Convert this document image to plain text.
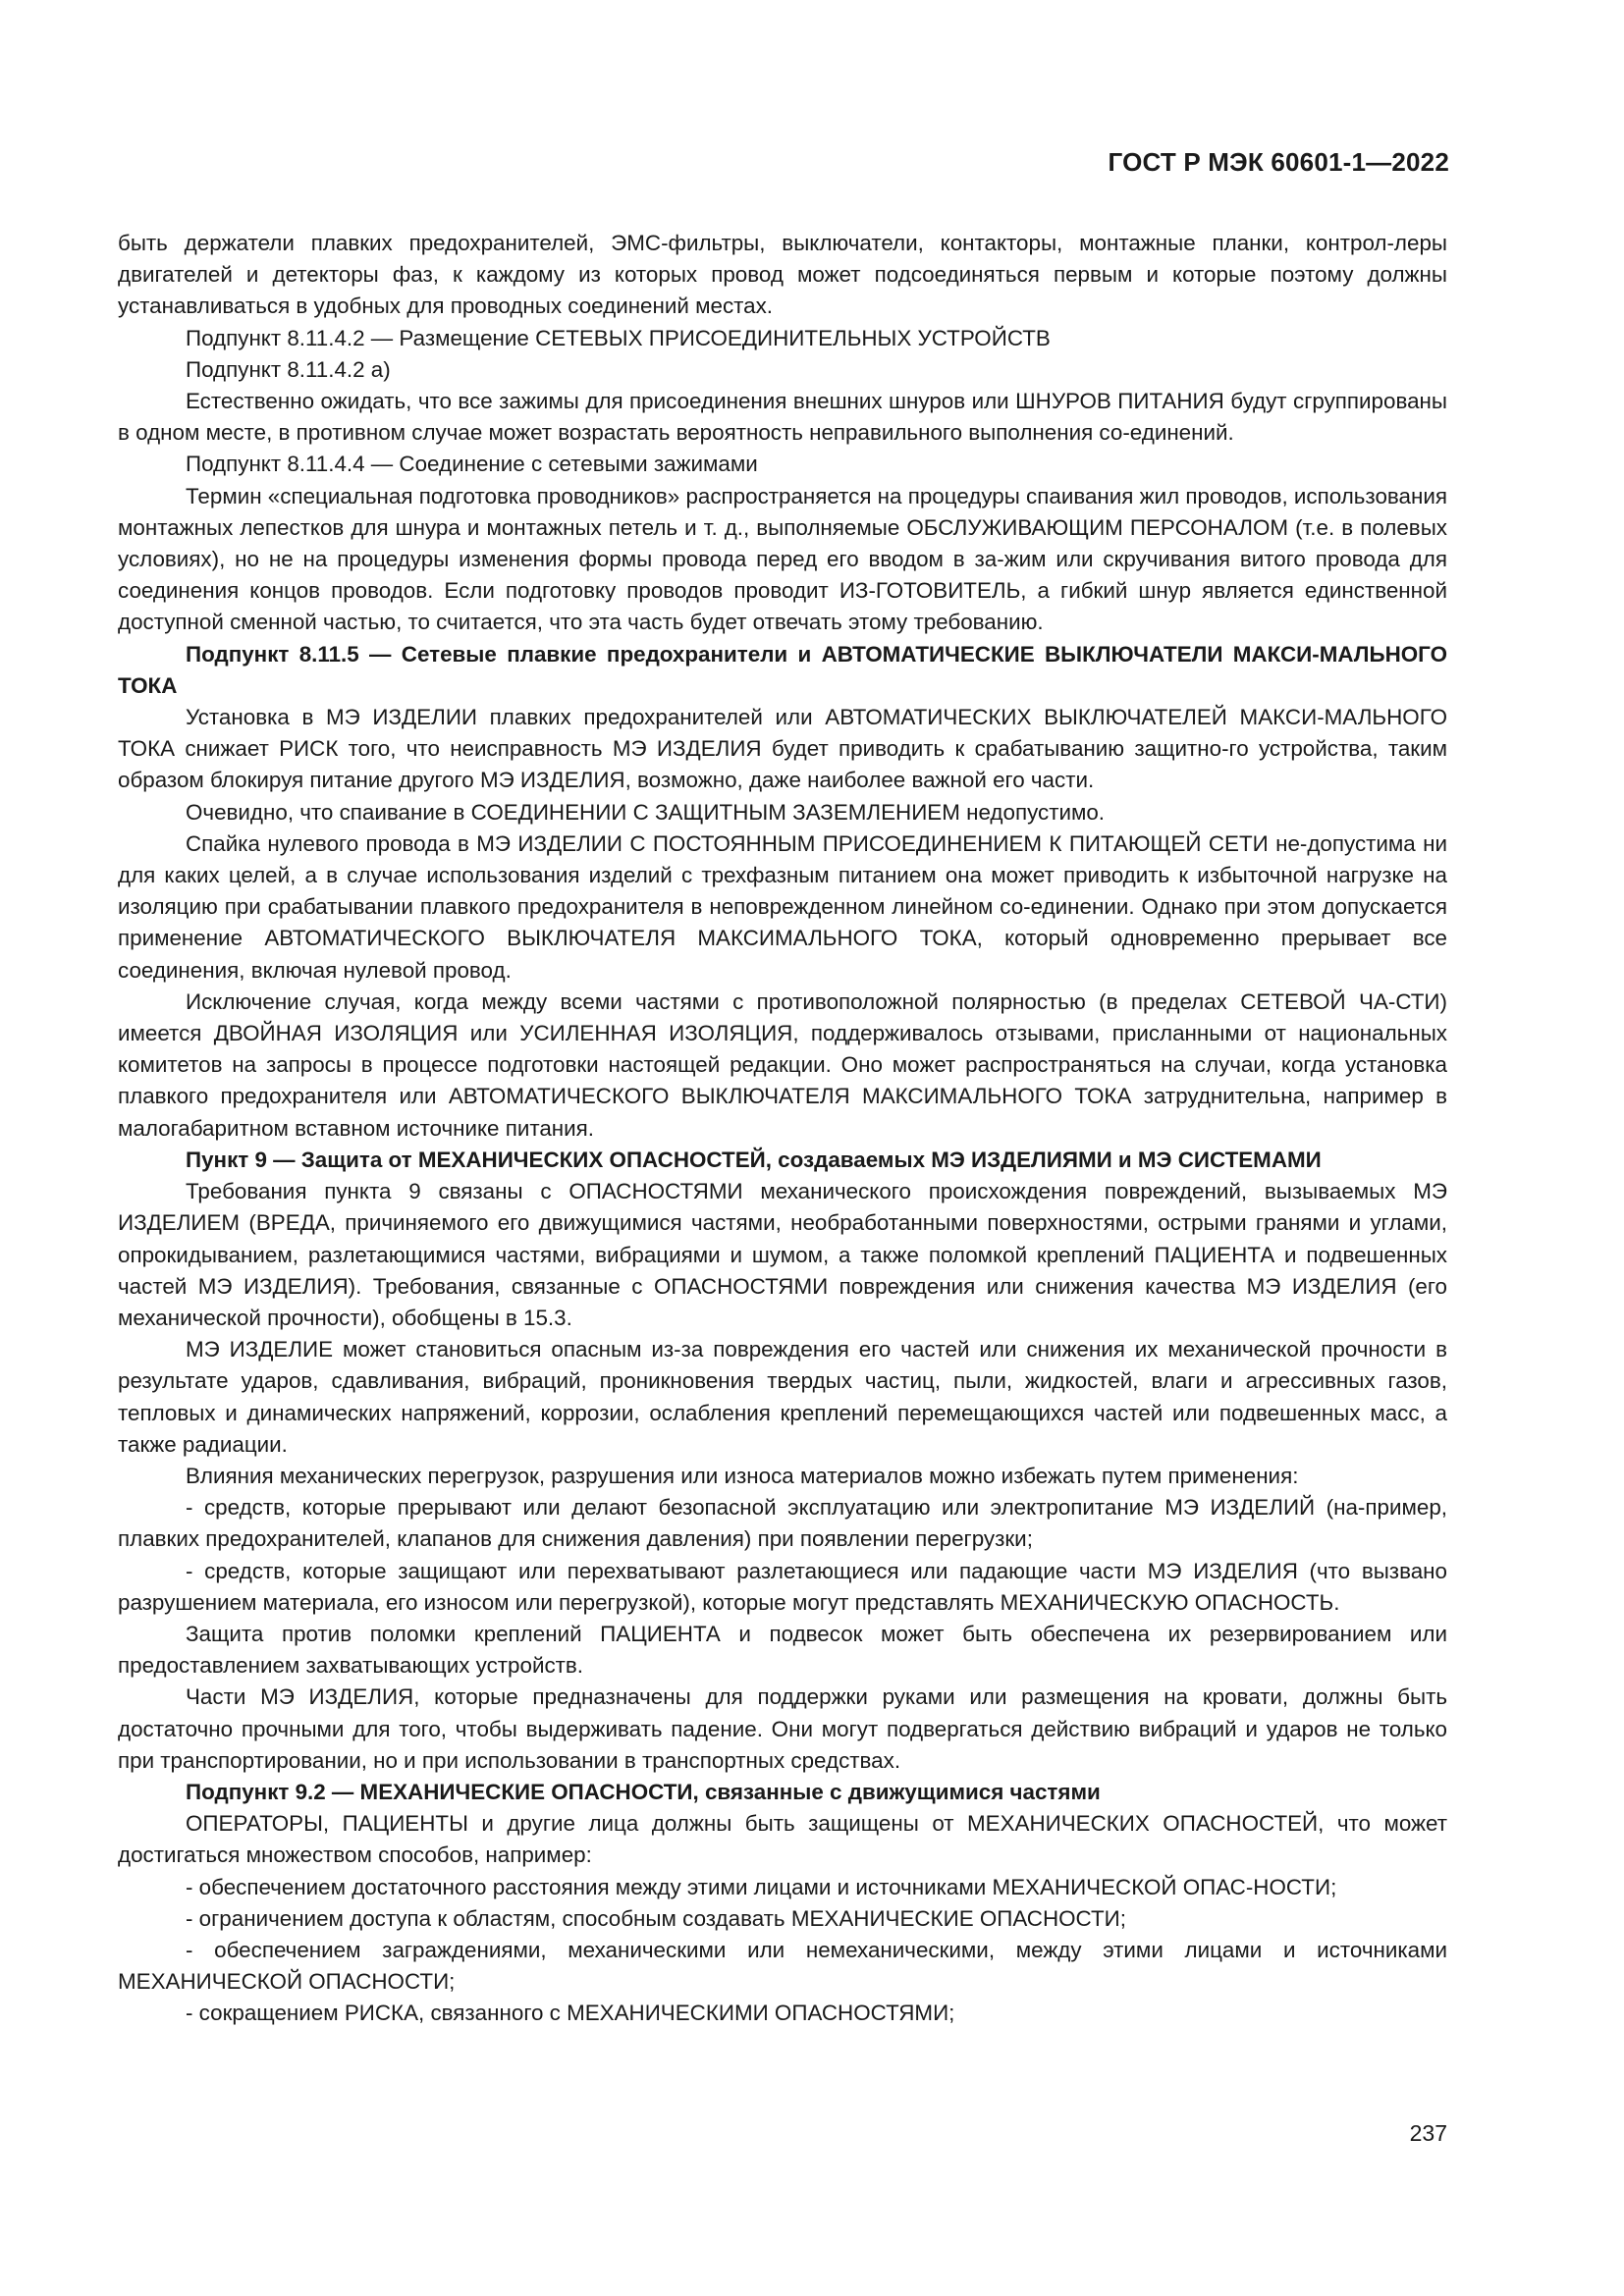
ГОСТ Р МЭК 60601-1—2022

быть держатели плавких предохранителей, ЭМС-фильтры, выключатели, контакторы, монтажные планки, контрол-леры двигателей и детекторы фаз, к каждому из которых провод может подсоединяться первым и которые поэтому должны устанавливаться в удобных для проводных соединений местах.

Подпункт 8.11.4.2 — Размещение СЕТЕВЫХ ПРИСОЕДИНИТЕЛЬНЫХ УСТРОЙСТВ

Подпункт 8.11.4.2 а)

Естественно ожидать, что все зажимы для присоединения внешних шнуров или ШНУРОВ ПИТАНИЯ будут сгруппированы в одном месте, в противном случае может возрастать вероятность неправильного выполнения со-единений.

Подпункт 8.11.4.4 — Соединение с сетевыми зажимами

Термин «специальная подготовка проводников» распространяется на процедуры спаивания жил проводов, использования монтажных лепестков для шнура и монтажных петель и т. д., выполняемые ОБСЛУЖИВАЮЩИМ ПЕРСОНАЛОМ (т.е. в полевых условиях), но не на процедуры изменения формы провода перед его вводом в за-жим или скручивания витого провода для соединения концов проводов. Если подготовку проводов проводит ИЗ-ГОТОВИТЕЛЬ, а гибкий шнур является единственной доступной сменной частью, то считается, что эта часть будет отвечать этому требованию.

Подпункт 8.11.5 — Сетевые плавкие предохранители и АВТОМАТИЧЕСКИЕ ВЫКЛЮЧАТЕЛИ МАКСИ-МАЛЬНОГО ТОКА

Установка в МЭ ИЗДЕЛИИ плавких предохранителей или АВТОМАТИЧЕСКИХ ВЫКЛЮЧАТЕЛЕЙ МАКСИ-МАЛЬНОГО ТОКА снижает РИСК того, что неисправность МЭ ИЗДЕЛИЯ будет приводить к срабатыванию защитно-го устройства, таким образом блокируя питание другого МЭ ИЗДЕЛИЯ, возможно, даже наиболее важной его части.

Очевидно, что спаивание в СОЕДИНЕНИИ С ЗАЩИТНЫМ ЗАЗЕМЛЕНИЕМ недопустимо.

Спайка нулевого провода в МЭ ИЗДЕЛИИ С ПОСТОЯННЫМ ПРИСОЕДИНЕНИЕМ К ПИТАЮЩЕЙ СЕТИ не-допустима ни для каких целей, а в случае использования изделий с трехфазным питанием она может приводить к избыточной нагрузке на изоляцию при срабатывании плавкого предохранителя в неповрежденном линейном со-единении. Однако при этом допускается применение АВТОМАТИЧЕСКОГО ВЫКЛЮЧАТЕЛЯ МАКСИМАЛЬНОГО ТОКА, который одновременно прерывает все соединения, включая нулевой провод.

Исключение случая, когда между всеми частями с противоположной полярностью (в пределах СЕТЕВОЙ ЧА-СТИ) имеется ДВОЙНАЯ ИЗОЛЯЦИЯ или УСИЛЕННАЯ ИЗОЛЯЦИЯ, поддерживалось отзывами, присланными от национальных комитетов на запросы в процессе подготовки настоящей редакции. Оно может распространяться на случаи, когда установка плавкого предохранителя или АВТОМАТИЧЕСКОГО ВЫКЛЮЧАТЕЛЯ МАКСИМАЛЬНОГО ТОКА затруднительна, например в малогабаритном вставном источнике питания.

Пункт 9 — Защита от МЕХАНИЧЕСКИХ ОПАСНОСТЕЙ, создаваемых МЭ ИЗДЕЛИЯМИ и МЭ СИСТЕМАМИ

Требования пункта 9 связаны с ОПАСНОСТЯМИ механического происхождения повреждений, вызываемых МЭ ИЗДЕЛИЕМ (ВРЕДА, причиняемого его движущимися частями, необработанными поверхностями, острыми гранями и углами, опрокидыванием, разлетающимися частями, вибрациями и шумом, а также поломкой креплений ПАЦИЕНТА и подвешенных частей МЭ ИЗДЕЛИЯ). Требования, связанные с ОПАСНОСТЯМИ повреждения или снижения качества МЭ ИЗДЕЛИЯ (его механической прочности), обобщены в 15.3.

МЭ ИЗДЕЛИЕ может становиться опасным из-за повреждения его частей или снижения их механической прочности в результате ударов, сдавливания, вибраций, проникновения твердых частиц, пыли, жидкостей, влаги и агрессивных газов, тепловых и динамических напряжений, коррозии, ослабления креплений перемещающихся частей или подвешенных масс, а также радиации.

Влияния механических перегрузок, разрушения или износа материалов можно избежать путем применения:

- средств, которые прерывают или делают безопасной эксплуатацию или электропитание МЭ ИЗДЕЛИЙ (на-пример, плавких предохранителей, клапанов для снижения давления) при появлении перегрузки;

- средств, которые защищают или перехватывают разлетающиеся или падающие части МЭ ИЗДЕЛИЯ (что вызвано разрушением материала, его износом или перегрузкой), которые могут представлять МЕХАНИЧЕСКУЮ ОПАСНОСТЬ.

Защита против поломки креплений ПАЦИЕНТА и подвесок может быть обеспечена их резервированием или предоставлением захватывающих устройств.

Части МЭ ИЗДЕЛИЯ, которые предназначены для поддержки руками или размещения на кровати, должны быть достаточно прочными для того, чтобы выдерживать падение. Они могут подвергаться действию вибраций и ударов не только при транспортировании, но и при использовании в транспортных средствах.

Подпункт 9.2 — МЕХАНИЧЕСКИЕ ОПАСНОСТИ, связанные с движущимися частями

ОПЕРАТОРЫ, ПАЦИЕНТЫ и другие лица должны быть защищены от МЕХАНИЧЕСКИХ ОПАСНОСТЕЙ, что может достигаться множеством способов, например:

- обеспечением достаточного расстояния между этими лицами и источниками МЕХАНИЧЕСКОЙ ОПАС-НОСТИ;

- ограничением доступа к областям, способным создавать МЕХАНИЧЕСКИЕ ОПАСНОСТИ;

- обеспечением заграждениями, механическими или немеханическими, между этими лицами и источниками МЕХАНИЧЕСКОЙ ОПАСНОСТИ;

- сокращением РИСКА, связанного с МЕХАНИЧЕСКИМИ ОПАСНОСТЯМИ;

237
